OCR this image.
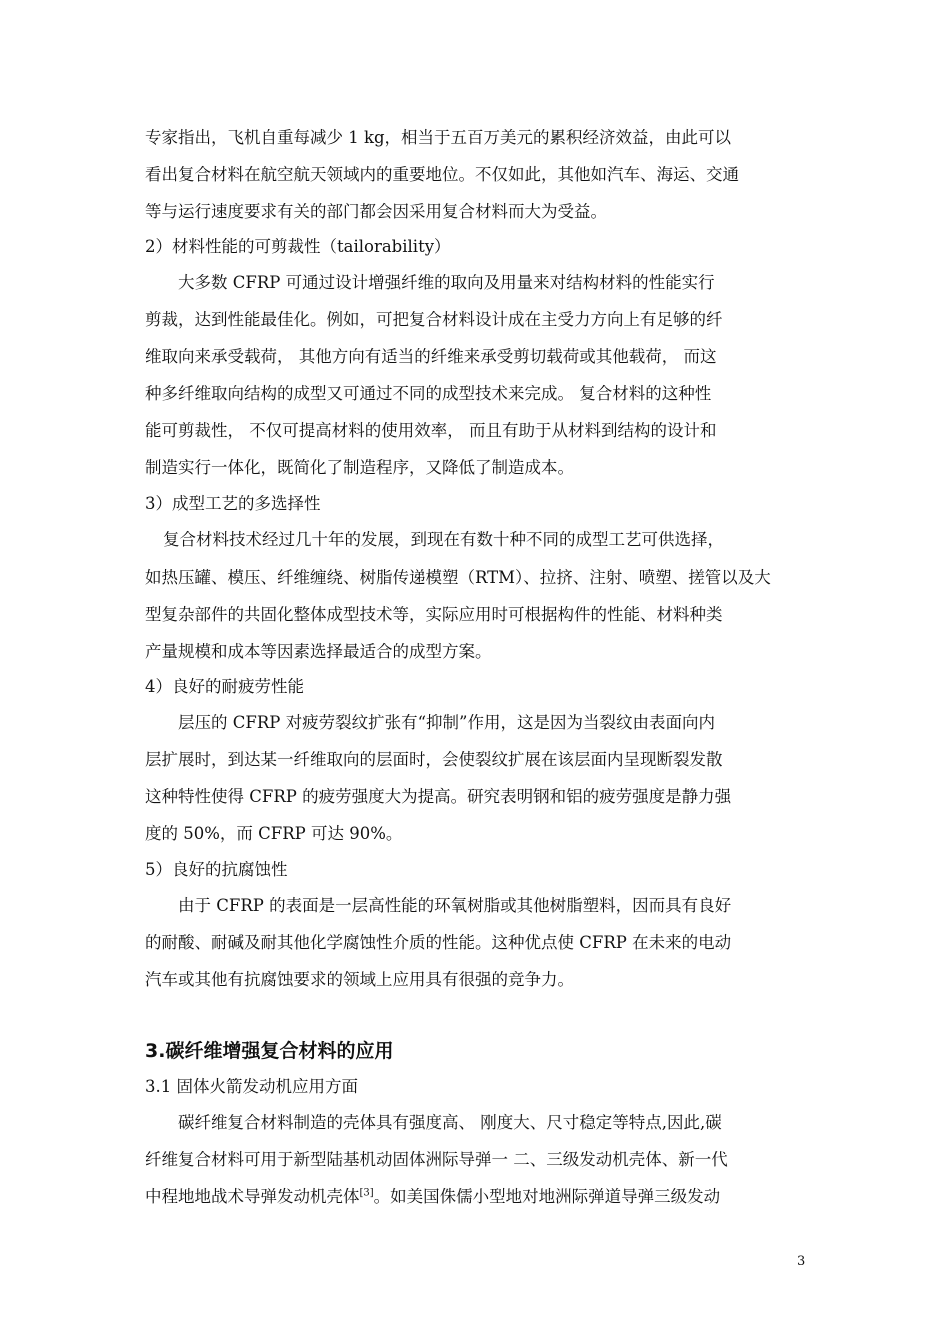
专家指出，飞机自重每减少 1 kg，相当于五百万美元的累积经济效益，由此可以
看出复合材料在航空航天领域内的重要地位。不仅如此，其他如汽车、海运、交通
等与运行速度要求有关的部门都会因采用复合材料而大为受益。
2）材料性能的可剪裁性（tailorability）
大多数 CFRP 可通过设计增强纤维的取向及用量来对结构材料的性能实行
剪裁，达到性能最佳化。例如，可把复合材料设计成在主受力方向上有足够的纤
维取向来承受载荷， 其他方向有适当的纤维来承受剪切载荷或其他载荷， 而这
种多纤维取向结构的成型又可通过不同的成型技术来完成。 复合材料的这种性
能可剪裁性， 不仅可提高材料的使用效率， 而且有助于从材料到结构的设计和
制造实行一体化，既简化了制造程序，又降低了制造成本。
3）成型工艺的多选择性
复合材料技术经过几十年的发展，到现在有数十种不同的成型工艺可供选择，
如热压罐、模压、纤维缠绕、树脂传递模塑（RTM）、拉挤、注射、喷塑、搓管以及大
型复杂部件的共固化整体成型技术等，实际应用时可根据构件的性能、材料种类
产量规模和成本等因素选择最适合的成型方案。
4）良好的耐疲劳性能
层压的 CFRP 对疲劳裂纹扩张有“抑制”作用，这是因为当裂纹由表面向内
层扩展时，到达某一纤维取向的层面时，会使裂纹扩展在该层面内呈现断裂发散
这种特性使得 CFRP 的疲劳强度大为提高。研究表明钢和铝的疲劳强度是静力强
度的 50%，而 CFRP 可达 90%。
5）良好的抗腐蚀性
由于 CFRP 的表面是一层高性能的环氧树脂或其他树脂塑料，因而具有良好
的耐酸、耐碱及耐其他化学腐蚀性介质的性能。这种优点使 CFRP 在未来的电动
汽车或其他有抗腐蚀要求的领域上应用具有很强的竞争力。
3.碳纤维增强复合材料的应用
3.1 固体火箭发动机应用方面
碳纤维复合材料制造的壳体具有强度高、 刚度大、尺寸稳定等特点,因此,碳
纤维复合材料可用于新型陆基机动固体洲际导弹一 二、三级发动机壳体、新一代
中程地地战术导弹发动机壳体[3]。如美国侏儒小型地对地洲际弹道导弹三级发动
3
